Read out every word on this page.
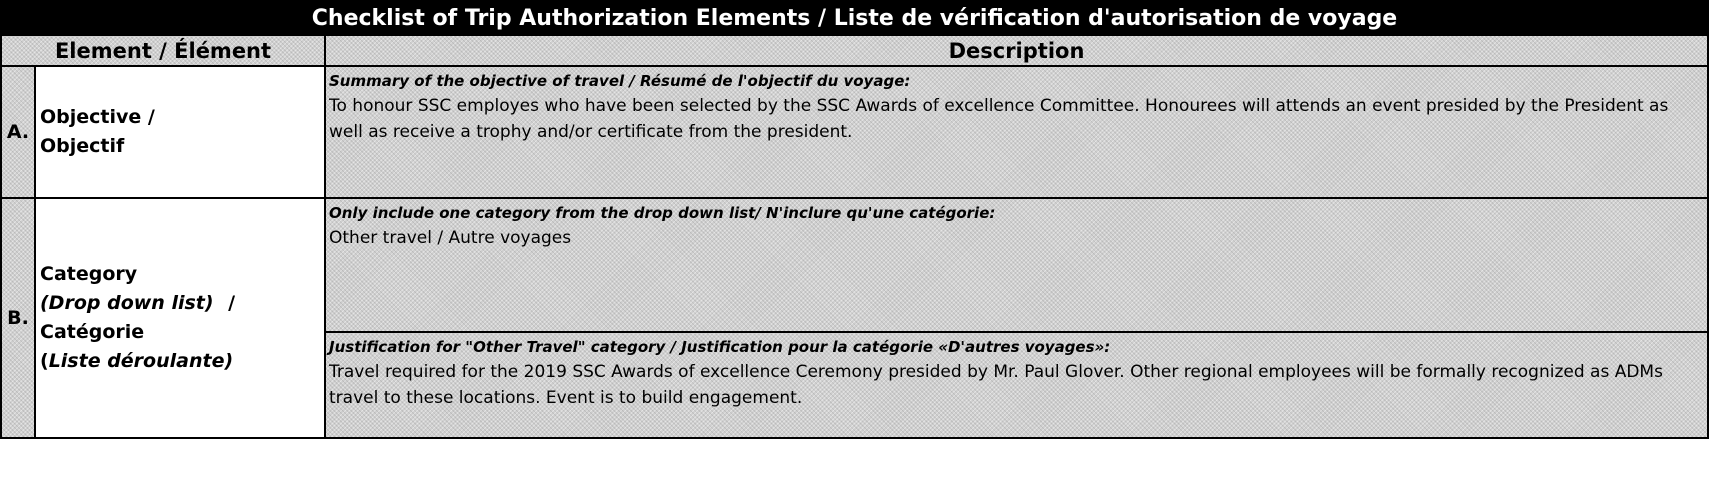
Checklist of Trip Authorization Elements / Liste de vérification d'autorisation de voyage
Element / Élément	Description
A.
Objective /
Objectif
Summary of the objective of travel / Résumé de l'objectif du voyage:
To honour SSC employes who have been selected by the SSC Awards of excellence Committee. Honourees will attends an event presided by the President as well as receive a trophy and/or certificate from the president.
B.
Category
(Drop down list) /
Catégorie
(Liste déroulante)
Only include one category from the drop down list/ N'inclure qu'une catégorie:
Other travel / Autre voyages
Justification for "Other Travel" category / Justification pour la catégorie «D'autres voyages»:
Travel required for the 2019 SSC Awards of excellence Ceremony presided by Mr. Paul Glover. Other regional employees will be formally recognized as ADMs travel to these locations. Event is to build engagement.
